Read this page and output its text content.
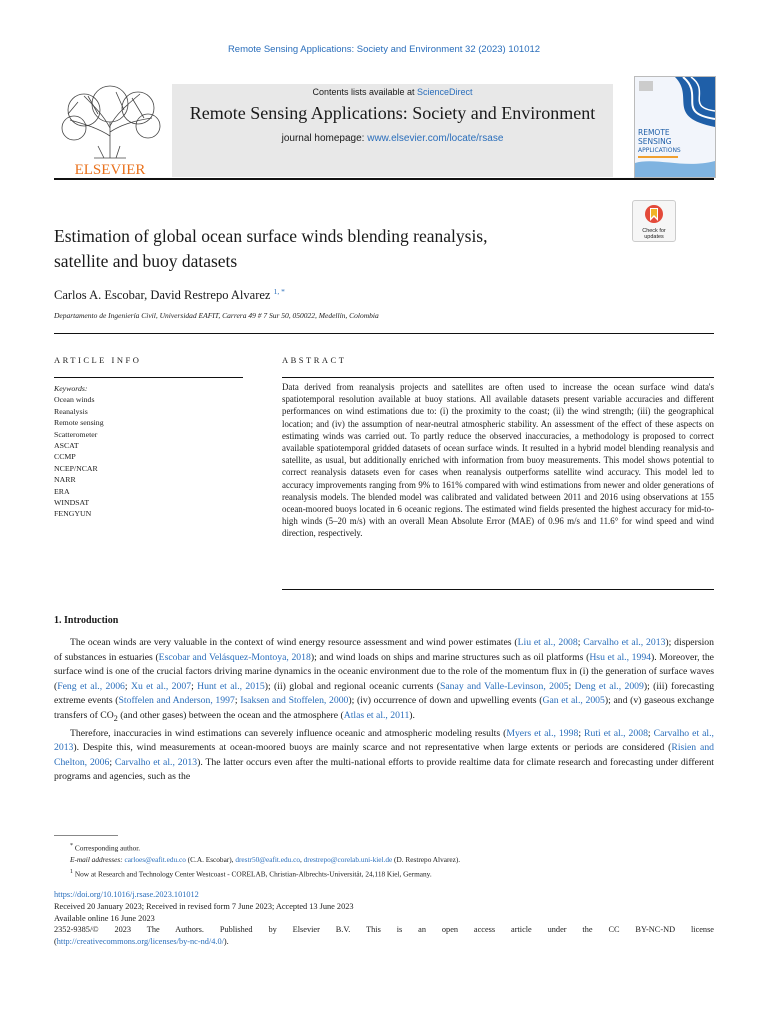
Remote Sensing Applications: Society and Environment 32 (2023) 101012
ELSEVIER
Contents lists available at ScienceDirect
Remote Sensing Applications: Society and Environment
journal homepage: www.elsevier.com/locate/rsase
REMOTE
SENSING
APPLICATIONS
Check for
updates
Estimation of global ocean surface winds blending reanalysis,
satellite and buoy datasets
Carlos A. Escobar, David Restrepo Alvarez $^{1, *}$
Departamento de Ingeniería Civil, Universidad EAFIT, Carrera 49 # 7 Sur 50, 050022, Medellín, Colombia
ARTICLE INFO	ABSTRACT
Keywords:
Ocean winds
Reanalysis
Remote sensing
Scatterometer
ASCAT
CCMP
NCEP/NCAR
NARR
ERA
WINDSAT
FENGYUN
Data derived from reanalysis projects and satellites are often used to increase the ocean surface wind data's spatiotemporal resolution available at buoy stations. All available datasets present variable accuracies and different performances on wind estimations due to: (i) the proximity to the coast; (ii) the wind strength; (iii) the geographical location; and (iv) the assumption of near-neutral atmospheric stability. An assessment of the effect of these aspects on estimating winds was carried out. To partly reduce the observed inaccuracies, a methodology is proposed to correct available spatiotemporal gridded datasets of ocean surface winds. It resulted in a hybrid model blending reanalysis and satellite, as usual, but additionally enriched with information from buoy measurements. This model shows potential to correct reanalysis datasets even for cases when reanalysis outperforms satellite wind accuracy. This model led to accuracy improvements ranging from 9% to 161% compared with wind estimations from newer and older generations of reanalysis models. The blended model was calibrated and validated between 2011 and 2016 using observations at 155 ocean-moored buoys located in 6 oceanic regions. The estimated wind fields presented the highest accuracy for mid-to-high winds (5–20 m/s) with an overall Mean Absolute Error (MAE) of 0.96 m/s and 11.6° for wind speed and wind direction, respectively.
1. Introduction

The ocean winds are very valuable in the context of wind energy resource assessment and wind power estimates (Liu et al., 2008; Carvalho et al., 2013); dispersion of substances in estuaries (Escobar and Velásquez-Montoya, 2018); and wind loads on ships and marine structures such as oil platforms (Hsu et al., 1994). Moreover, the surface wind is one of the crucial factors driving marine dynamics in the oceanic environment due to the role of the momentum flux in (i) the generation of surface waves (Feng et al., 2006; Xu et al., 2007; Hunt et al., 2015); (ii) global and regional oceanic currents (Sanay and Valle-Levinson, 2005; Deng et al., 2009); (iii) forecasting extreme events (Stoffelen and Anderson, 1997; Isaksen and Stoffelen, 2000); (iv) occurrence of down and upwelling events (Gan et al., 2005); and (v) gaseous exchange transfers of $CO_2$ (and other gases) between the ocean and the atmosphere (Atlas et al., 2011).

Therefore, inaccuracies in wind estimations can severely influence oceanic and atmospheric modeling results (Myers et al., 1998; Ruti et al., 2008; Carvalho et al., 2013). Despite this, wind measurements at ocean-moored buoys are mainly scarce and not representative when large extents or periods are considered (Risien and Chelton, 2006; Carvalho et al., 2013). The latter occurs even after the multi-national efforts to provide realtime data for climate research and forecasting under different programs and agencies, such as the

* Corresponding author.
E-mail addresses: carloes@eafit.edu.co (C.A. Escobar), drestr50@eafit.edu.co, drestrepo@corelab.uni-kiel.de (D. Restrepo Alvarez).
$^1$ Now at Research and Technology Center Westcoast - CORELAB, Christian-Albrechts-Universität, 24,118 Kiel, Germany.
https://doi.org/10.1016/j.rsase.2023.101012
Received 20 January 2023; Received in revised form 7 June 2023; Accepted 13 June 2023
Available online 16 June 2023
2352-9385/© 2023 The Authors. Published by Elsevier B.V. This is an open access article under the CC BY-NC-ND license
(http://creativecommons.org/licenses/by-nc-nd/4.0/).
